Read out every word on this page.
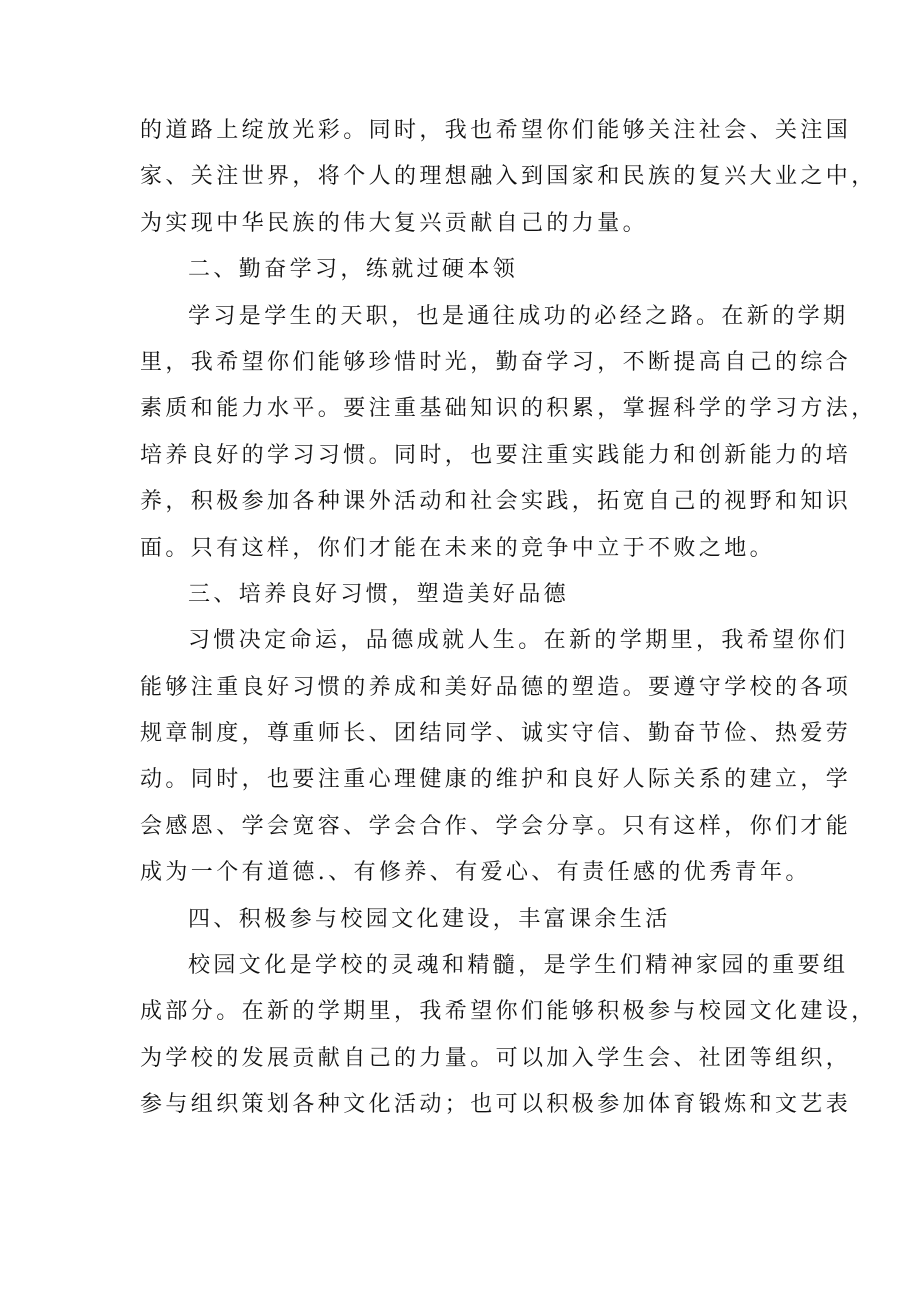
的道路上绽放光彩。同时，我也希望你们能够关注社会、关注国
家、关注世界，将个人的理想融入到国家和民族的复兴大业之中，
为实现中华民族的伟大复兴贡献自己的力量。
二、勤奋学习，练就过硬本领
学习是学生的天职，也是通往成功的必经之路。在新的学期
里，我希望你们能够珍惜时光，勤奋学习，不断提高自己的综合
素质和能力水平。要注重基础知识的积累，掌握科学的学习方法，
培养良好的学习习惯。同时，也要注重实践能力和创新能力的培
养，积极参加各种课外活动和社会实践，拓宽自己的视野和知识
面。只有这样，你们才能在未来的竞争中立于不败之地。
三、培养良好习惯，塑造美好品德
习惯决定命运，品德成就人生。在新的学期里，我希望你们
能够注重良好习惯的养成和美好品德的塑造。要遵守学校的各项
规章制度，尊重师长、团结同学、诚实守信、勤奋节俭、热爱劳
动。同时，也要注重心理健康的维护和良好人际关系的建立，学
会感恩、学会宽容、学会合作、学会分享。只有这样，你们才能
成为一个有道德.、有修养、有爱心、有责任感的优秀青年。
四、积极参与校园文化建设，丰富课余生活
校园文化是学校的灵魂和精髓，是学生们精神家园的重要组
成部分。在新的学期里，我希望你们能够积极参与校园文化建设，
为学校的发展贡献自己的力量。可以加入学生会、社团等组织，
参与组织策划各种文化活动；也可以积极参加体育锻炼和文艺表
